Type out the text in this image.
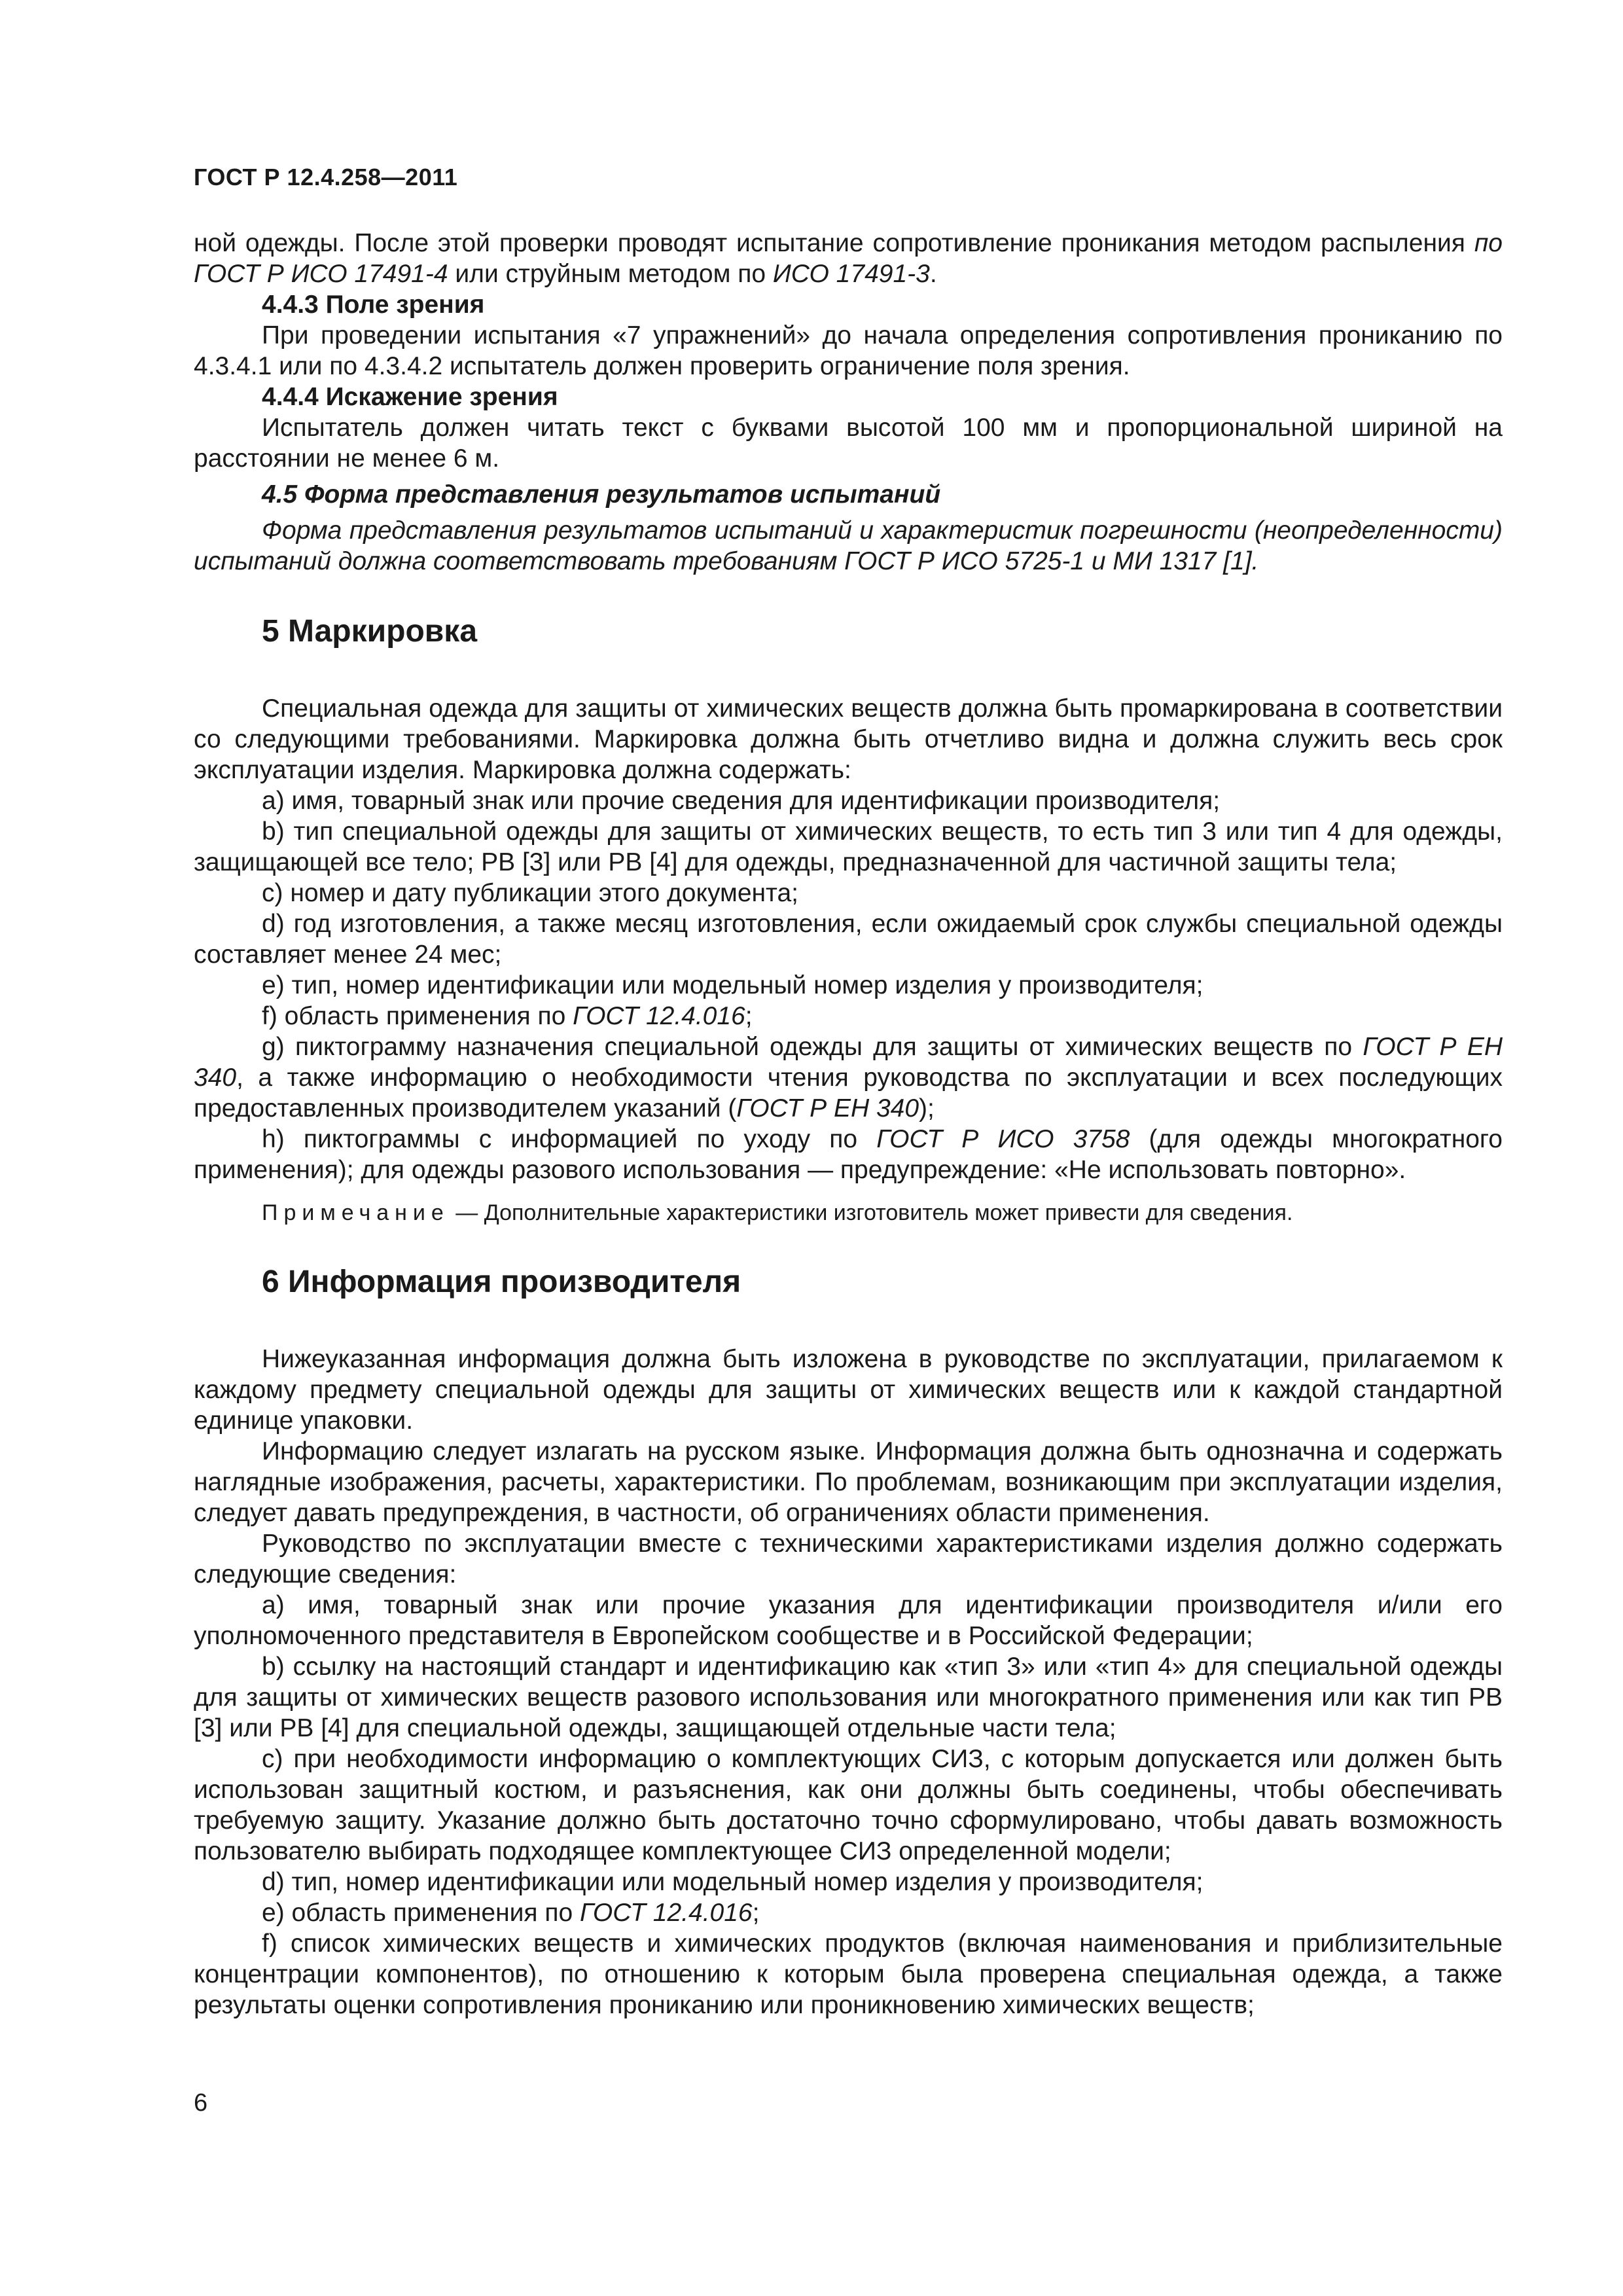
ГОСТ Р 12.4.258—2011

ной одежды. После этой проверки проводят испытание сопротивление проникания методом распыления по ГОСТ Р ИСО 17491-4 или струйным методом по ИСО 17491-3.

4.4.3 Поле зрения

При проведении испытания «7 упражнений» до начала определения сопротивления прониканию по 4.3.4.1 или по 4.3.4.2 испытатель должен проверить ограничение поля зрения.

4.4.4 Искажение зрения

Испытатель должен читать текст с буквами высотой 100 мм и пропорциональной шириной на расстоянии не менее 6 м.

4.5 Форма представления результатов испытаний

Форма представления результатов испытаний и характеристик погрешности (неопределенности) испытаний должна соответствовать требованиям ГОСТ Р ИСО 5725-1 и МИ 1317 [1].

5 Маркировка

Специальная одежда для защиты от химических веществ должна быть промаркирована в соответствии со следующими требованиями. Маркировка должна быть отчетливо видна и должна служить весь срок эксплуатации изделия. Маркировка должна содержать:

a) имя, товарный знак или прочие сведения для идентификации производителя;

b) тип специальной одежды для защиты от химических веществ, то есть тип 3 или тип 4 для одежды, защищающей все тело; PB [3] или PB [4] для одежды, предназначенной для частичной защиты тела;

c) номер и дату публикации этого документа;

d) год изготовления, а также месяц изготовления, если ожидаемый срок службы специальной одежды составляет менее 24 мес;

e) тип, номер идентификации или модельный номер изделия у производителя;

f) область применения по ГОСТ 12.4.016;

g) пиктограмму назначения специальной одежды для защиты от химических веществ по ГОСТ Р ЕН 340, а также информацию о необходимости чтения руководства по эксплуатации и всех последующих предоставленных производителем указаний (ГОСТ Р ЕН 340);

h) пиктограммы с информацией по уходу по ГОСТ Р ИСО 3758 (для одежды многократного применения); для одежды разового использования — предупреждение: «Не использовать повторно».

Примечание — Дополнительные характеристики изготовитель может привести для сведения.

6 Информация производителя

Нижеуказанная информация должна быть изложена в руководстве по эксплуатации, прилагаемом к каждому предмету специальной одежды для защиты от химических веществ или к каждой стандартной единице упаковки.

Информацию следует излагать на русском языке. Информация должна быть однозначна и содержать наглядные изображения, расчеты, характеристики. По проблемам, возникающим при эксплуатации изделия, следует давать предупреждения, в частности, об ограничениях области применения.

Руководство по эксплуатации вместе с техническими характеристиками изделия должно содержать следующие сведения:

a) имя, товарный знак или прочие указания для идентификации производителя и/или его уполномоченного представителя в Европейском сообществе и в Российской Федерации;

b) ссылку на настоящий стандарт и идентификацию как «тип 3» или «тип 4» для специальной одежды для защиты от химических веществ разового использования или многократного применения или как тип PB [3] или PB [4] для специальной одежды, защищающей отдельные части тела;

c) при необходимости информацию о комплектующих СИЗ, с которым допускается или должен быть использован защитный костюм, и разъяснения, как они должны быть соединены, чтобы обеспечивать требуемую защиту. Указание должно быть достаточно точно сформулировано, чтобы давать возможность пользователю выбирать подходящее комплектующее СИЗ определенной модели;

d) тип, номер идентификации или модельный номер изделия у производителя;

e) область применения по ГОСТ 12.4.016;

f) список химических веществ и химических продуктов (включая наименования и приблизительные концентрации компонентов), по отношению к которым была проверена специальная одежда, а также результаты оценки сопротивления прониканию или проникновению химических веществ;

6
